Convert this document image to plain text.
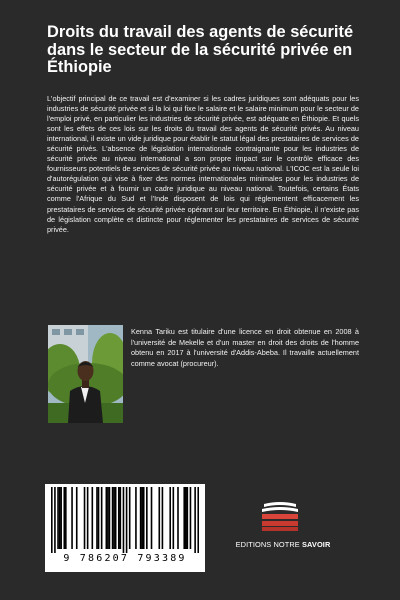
Droits du travail des agents de sécurité dans le secteur de la sécurité privée en Éthiopie

L'objectif principal de ce travail est d'examiner si les cadres juridiques sont adéquats pour les industries de sécurité privée et si la loi qui fixe le salaire et le salaire minimum pour le secteur de l'emploi privé, en particulier les industries de sécurité privée, est adéquate en Éthiopie. Et quels sont les effets de ces lois sur les droits du travail des agents de sécurité privés. Au niveau international, il existe un vide juridique pour établir le statut légal des prestataires de services de sécurité privés. L'absence de législation internationale contraignante pour les industries de sécurité privée au niveau international a son propre impact sur le contrôle efficace des fournisseurs potentiels de services de sécurité privée au niveau national. L'ICOC est la seule loi d'autorégulation qui vise à fixer des normes internationales minimales pour les industries de sécurité privée et à fournir un cadre juridique au niveau national. Toutefois, certains États comme l'Afrique du Sud et l'Inde disposent de lois qui réglementent efficacement les prestataires de services de sécurité privée opérant sur leur territoire. En Éthiopie, il n'existe pas de législation complète et distincte pour réglementer les prestataires de services de sécurité privée.

Kenna Tariku est titulaire d'une licence en droit obtenue en 2008 à l'université de Mekelle et d'un master en droit des droits de l'homme obtenu en 2017 à l'université d'Addis-Abeba. Il travaille actuellement comme avocat (procureur).

9 786207 793389
EDITIONS NOTRE SAVOIR
